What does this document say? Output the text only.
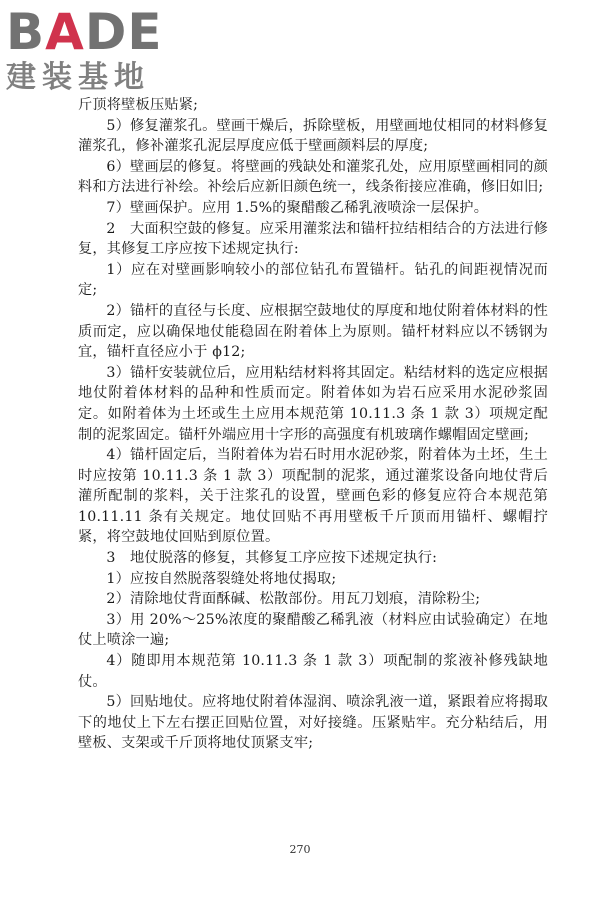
BADE
建装基地

斤顶将壁板压贴紧;

5）修复灌浆孔。壁画干燥后，拆除壁板，用壁画地仗相同的材料修复灌浆孔，修补灌浆孔泥层厚度应低于壁画颜料层的厚度;

6）壁画层的修复。将壁画的残缺处和灌浆孔处，应用原壁画相同的颜料和方法进行补绘。补绘后应新旧颜色统一，线条衔接应准确，修旧如旧;

7）壁画保护。应用 1.5%的聚醋酸乙稀乳液喷涂一层保护。

2　大面积空鼓的修复。应采用灌浆法和锚杆拉结相结合的方法进行修复，其修复工序应按下述规定执行:

1）应在对壁画影响较小的部位钻孔布置锚杆。钻孔的间距视情况而定;

2）锚杆的直径与长度、应根据空鼓地仗的厚度和地仗附着体材料的性质而定，应以确保地仗能稳固在附着体上为原则。锚杆材料应以不锈钢为宜，锚杆直径应小于 ϕ12;

3）锚杆安装就位后，应用粘结材料将其固定。粘结材料的选定应根据地仗附着体材料的品种和性质而定。附着体如为岩石应采用水泥砂浆固定。如附着体为土坯或生土应用本规范第 10.11.3 条 1 款 3）项规定配制的泥浆固定。锚杆外端应用十字形的高强度有机玻璃作螺帽固定壁画;

4）锚杆固定后，当附着体为岩石时用水泥砂浆，附着体为土坯，生土时应按第 10.11.3 条 1 款 3）项配制的泥浆，通过灌浆设备向地仗背后灌所配制的浆料，关于注浆孔的设置，壁画色彩的修复应符合本规范第 10.11.11 条有关规定。地仗回贴不再用壁板千斤顶而用锚杆、螺帽拧紧，将空鼓地仗回贴到原位置。

3　地仗脱落的修复，其修复工序应按下述规定执行:

1）应按自然脱落裂缝处将地仗揭取;

2）清除地仗背面酥碱、松散部份。用瓦刀划痕，清除粉尘;

3）用 20%～25%浓度的聚醋酸乙稀乳液（材料应由试验确定）在地仗上喷涂一遍;

4）随即用本规范第 10.11.3 条 1 款 3）项配制的浆液补修残缺地仗。

5）回贴地仗。应将地仗附着体湿润、喷涂乳液一道，紧跟着应将揭取下的地仗上下左右摆正回贴位置，对好接缝。压紧贴牢。充分粘结后，用壁板、支架或千斤顶将地仗顶紧支牢;

270
